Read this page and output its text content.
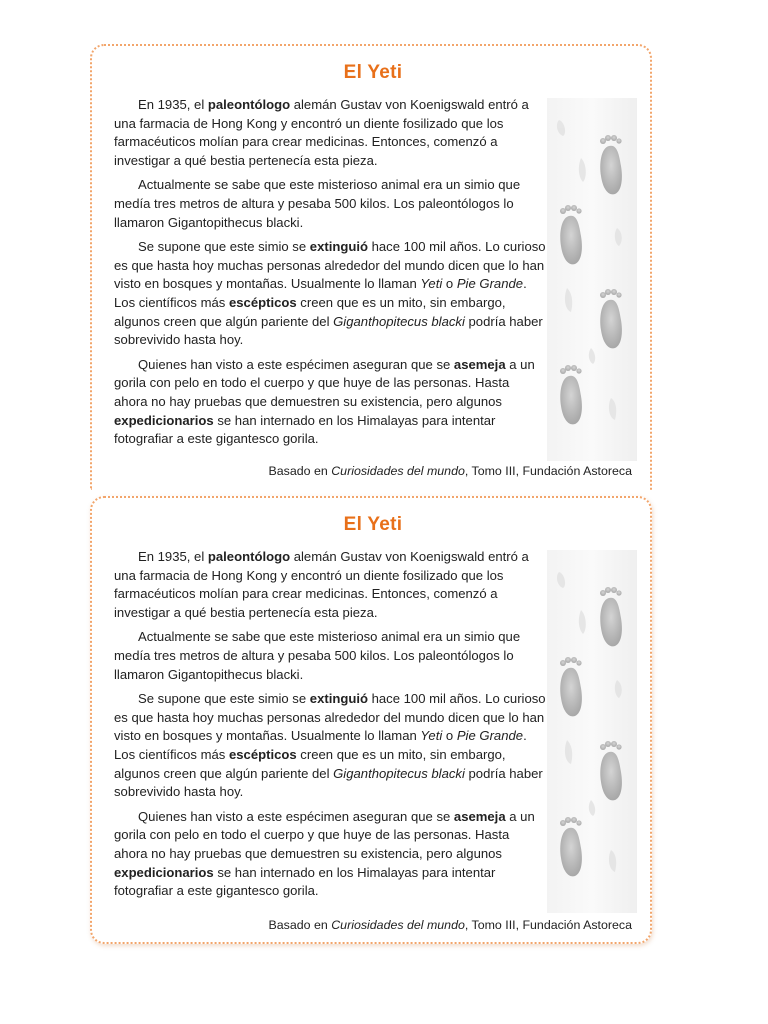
El Yeti

En 1935, el paleontólogo alemán Gustav von Koenigswald entró a una farmacia de Hong Kong y encontró un diente fosilizado que los farmacéuticos molían para crear medicinas. Entonces, comenzó a investigar a qué bestia pertenecía esta pieza.

Actualmente se sabe que este misterioso animal era un simio que medía tres metros de altura y pesaba 500 kilos. Los paleontólogos lo llamaron Gigantopithecus blacki.

Se supone que este simio se extinguió hace 100 mil años. Lo curioso es que hasta hoy muchas personas alrededor del mundo dicen que lo han visto en bosques y montañas. Usualmente lo llaman Yeti o Pie Grande. Los científicos más escépticos creen que es un mito, sin embargo, algunos creen que algún pariente del Giganthopitecus blacki podría haber sobrevivido hasta hoy.

Quienes han visto a este espécimen aseguran que se asemeja a un gorila con pelo en todo el cuerpo y que huye de las personas. Hasta ahora no hay pruebas que demuestren su existencia, pero algunos expedicionarios se han internado en los Himalayas para intentar fotografiar a este gigantesco gorila.

Basado en Curiosidades del mundo, Tomo III, Fundación Astoreca
El Yeti

En 1935, el paleontólogo alemán Gustav von Koenigswald entró a una farmacia de Hong Kong y encontró un diente fosilizado que los farmacéuticos molían para crear medicinas. Entonces, comenzó a investigar a qué bestia pertenecía esta pieza.

Actualmente se sabe que este misterioso animal era un simio que medía tres metros de altura y pesaba 500 kilos. Los paleontólogos lo llamaron Gigantopithecus blacki.

Se supone que este simio se extinguió hace 100 mil años. Lo curioso es que hasta hoy muchas personas alrededor del mundo dicen que lo han visto en bosques y montañas. Usualmente lo llaman Yeti o Pie Grande. Los científicos más escépticos creen que es un mito, sin embargo, algunos creen que algún pariente del Giganthopitecus blacki podría haber sobrevivido hasta hoy.

Quienes han visto a este espécimen aseguran que se asemeja a un gorila con pelo en todo el cuerpo y que huye de las personas. Hasta ahora no hay pruebas que demuestren su existencia, pero algunos expedicionarios se han internado en los Himalayas para intentar fotografiar a este gigantesco gorila.

Basado en Curiosidades del mundo, Tomo III, Fundación Astoreca
